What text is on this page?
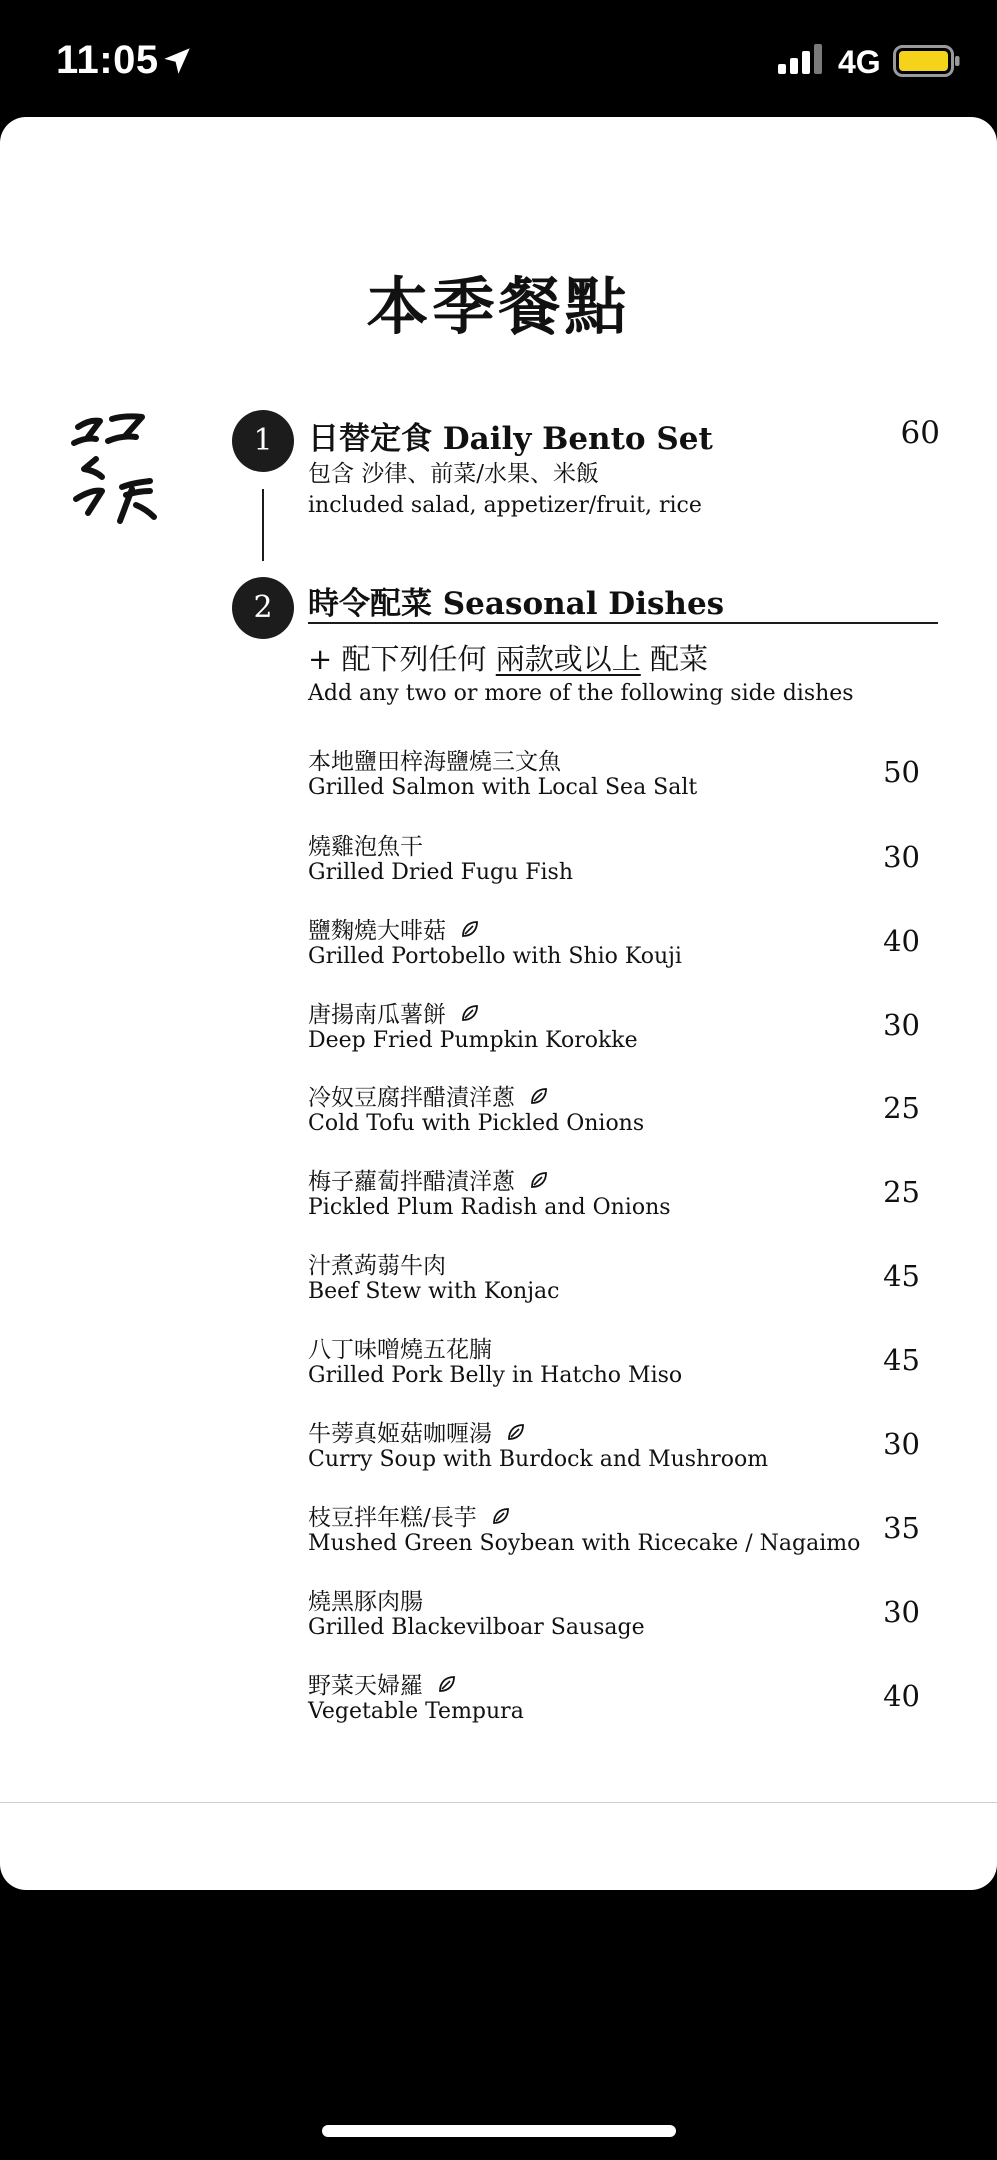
11:05	4G
本季餐點
1
2
日替定食 Daily Bento Set	60
包含 沙律、前菜/水果、米飯
included salad, appetizer/fruit, rice
時令配菜 Seasonal Dishes
+ 配下列任何 兩款或以上 配菜
Add any two or more of the following side dishes
本地鹽田梓海鹽燒三文魚
Grilled Salmon with Local Sea Salt	50
燒雞泡魚干
Grilled Dried Fugu Fish	30
鹽麴燒大啡菇
Grilled Portobello with Shio Kouji	40
唐揚南瓜薯餅
Deep Fried Pumpkin Korokke	30
冷奴豆腐拌醋漬洋蔥
Cold Tofu with Pickled Onions	25
梅子蘿蔔拌醋漬洋蔥
Pickled Plum Radish and Onions	25
汁煮蒟蒻牛肉
Beef Stew with Konjac	45
八丁味噌燒五花腩
Grilled Pork Belly in Hatcho Miso	45
牛蒡真姬菇咖喱湯
Curry Soup with Burdock and Mushroom	30
枝豆拌年糕/長芋
Mushed Green Soybean with Ricecake / Nagaimo 35
燒黑豚肉腸
Grilled Blackevilboar Sausage	30
野菜天婦羅
Vegetable Tempura	40
